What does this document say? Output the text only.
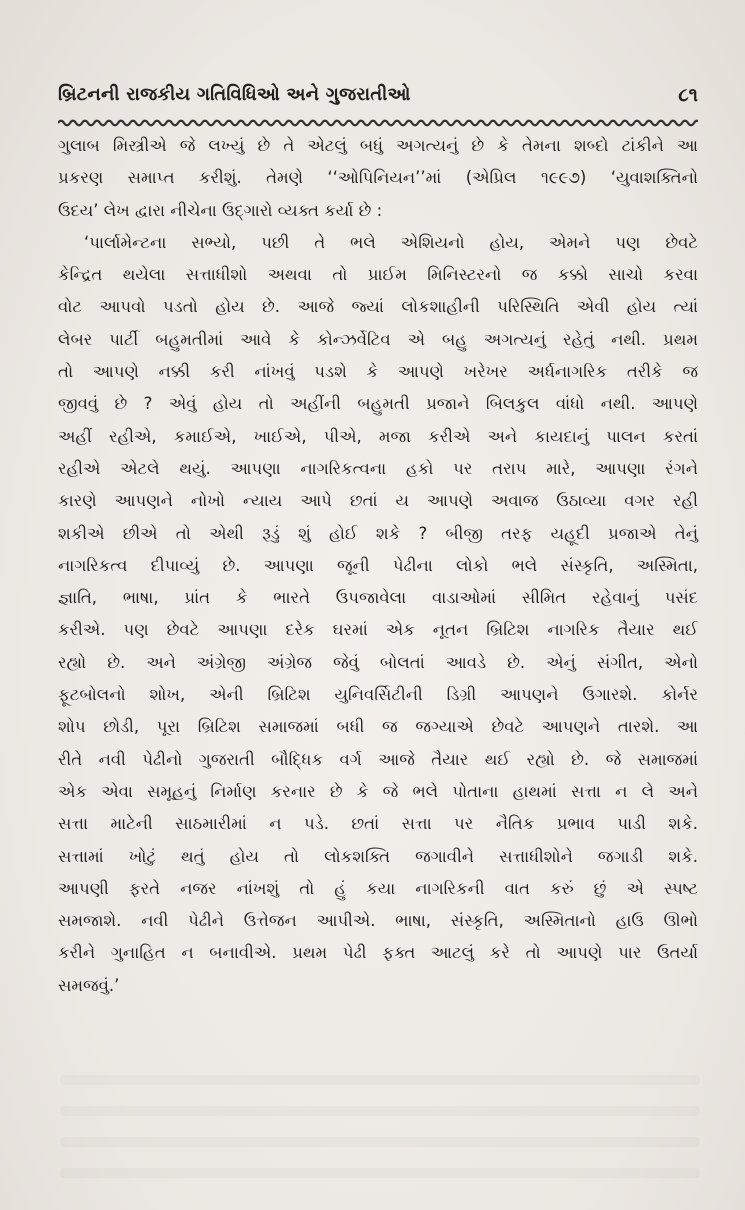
બ્રિટનની રાજકીય ગતિવિધિઓ અને ગુજરાતીઓ	૮૧
ગુલાબ મિસ્ત્રીએ જે લખ્યું છે તે એટલું બધું અગત્યનું છે કે તેમના શબ્દો ટાંકીને આ
પ્રકરણ સમાપ્ત કરીશું. તેમણે ‘‘ઓપિનિયન’’માં (એપ્રિલ ૧૯૯૭) ‘યુવાશક્તિનો
ઉદય’ લેખ દ્વારા નીચેના ઉદ્‌ગારો વ્યક્ત કર્યા છે :
‘પાર્લામેન્ટના સભ્યો, પછી તે ભલે એશિયનો હોય, એમને પણ છેવટે
કેન્દ્રિત થયેલા સત્તાધીશો અથવા તો પ્રાઈમ મિનિસ્ટરનો જ કક્કો સાચો કરવા
વોટ આપવો પડતો હોય છે. આજે જ્યાં લોકશાહીની પરિસ્થિતિ એવી હોય ત્યાં
લેબર પાર્ટી બહુમતીમાં આવે કે કોન્ઝર્વેટિવ એ બહુ અગત્યનું રહેતું નથી. પ્રથમ
તો આપણે નક્કી કરી નાંખવું પડશે કે આપણે ખરેખર અર્ધનાગરિક તરીકે જ
જીવવું છે ? એવું હોય તો અહીંની બહુમતી પ્રજાને બિલકુલ વાંધો નથી. આપણે
અહીં રહીએ, કમાઈએ, ખાઈએ, પીએ, મજા કરીએ અને કાયદાનું પાલન કરતાં
રહીએ એટલે થયું. આપણા નાગરિકત્વના હકો પર તરાપ મારે, આપણા રંગને
કારણે આપણને નોખો ન્યાય આપે છતાં ય આપણે અવાજ ઉઠાવ્યા વગર રહી
શકીએ છીએ તો એથી રૂડું શું હોઈ શકે ? બીજી તરફ યહૂદી પ્રજાએ તેનું
નાગરિકત્વ દીપાવ્યું છે. આપણા જૂની પેઢીના લોકો ભલે સંસ્કૃતિ, અસ્મિતા,
જ્ઞાતિ, ભાષા, પ્રાંત કે ભારતે ઉપજાવેલા વાડાઓમાં સીમિત રહેવાનું પસંદ
કરીએ. પણ છેવટે આપણા દરેક ઘરમાં એક નૂતન બ્રિટિશ નાગરિક તૈયાર થઈ
રહ્યો છે. અને અંગ્રેજી અંગ્રેજ જેવું બોલતાં આવડે છે. એનું સંગીત, એનો
ફૂટબોલનો શોખ, એની બ્રિટિશ યુનિવર્સિટીની ડિગ્રી આપણને ઉગારશે. કોર્નર
શોપ છોડી, પૂરા બ્રિટિશ સમાજમાં બધી જ જગ્યાએ છેવટે આપણને તારશે. આ
રીતે નવી પેઢીનો ગુજરાતી બૌદ્ધિક વર્ગ આજે તૈયાર થઈ રહ્યો છે. જે સમાજમાં
એક એવા સમૂહનું નિર્માણ કરનાર છે કે જે ભલે પોતાના હાથમાં સત્તા ન લે અને
સત્તા માટેની સાઠમારીમાં ન પડે. છતાં સત્તા પર નૈતિક પ્રભાવ પાડી શકે.
સત્તામાં ખોટું થતું હોય તો લોકશક્તિ જગાવીને સત્તાધીશોને જગાડી શકે.
આપણી ફરતે નજર નાંખશું તો હું કયા નાગરિકની વાત કરું છું એ સ્પષ્ટ
સમજાશે. નવી પેઢીને ઉત્તેજન આપીએ. ભાષા, સંસ્કૃતિ, અસ્મિતાનો હાઉ ઊભો
કરીને ગુનાહિત ન બનાવીએ. પ્રથમ પેઢી ફક્ત આટલું કરે તો આપણે પાર ઉતર્યા
સમજવું.’
